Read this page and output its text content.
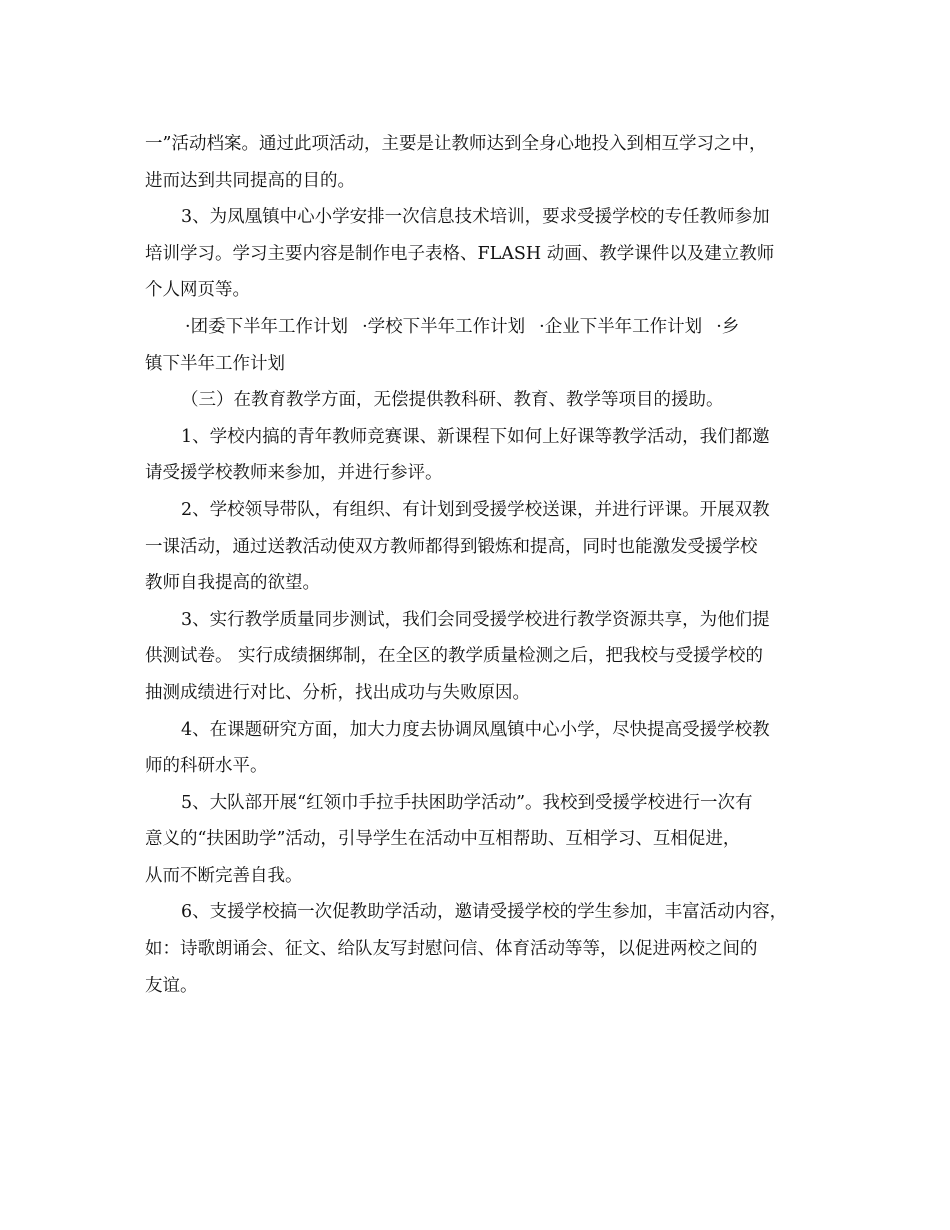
一”活动档案。通过此项活动，主要是让教师达到全身心地投入到相互学习之中，
进而达到共同提高的目的。

3、为凤凰镇中心小学安排一次信息技术培训，要求受援学校的专任教师参加
培训学习。学习主要内容是制作电子表格、FLASH 动画、教学课件以及建立教师
个人网页等。

·团委下半年工作计划 ·学校下半年工作计划 ·企业下半年工作计划 ·乡
镇下半年工作计划

（三）在教育教学方面，无偿提供教科研、教育、教学等项目的援助。

1、学校内搞的青年教师竞赛课、新课程下如何上好课等教学活动，我们都邀
请受援学校教师来参加，并进行参评。

2、学校领导带队，有组织、有计划到受援学校送课，并进行评课。开展双教
一课活动，通过送教活动使双方教师都得到锻炼和提高，同时也能激发受援学校
教师自我提高的欲望。

3、实行教学质量同步测试，我们会同受援学校进行教学资源共享，为他们提
供测试卷。 实行成绩捆绑制，在全区的教学质量检测之后，把我校与受援学校的
抽测成绩进行对比、分析，找出成功与失败原因。

4、在课题研究方面，加大力度去协调凤凰镇中心小学，尽快提高受援学校教
师的科研水平。

5、大队部开展“红领巾手拉手扶困助学活动”。我校到受援学校进行一次有
意义的“扶困助学”活动，引导学生在活动中互相帮助、互相学习、互相促进，
从而不断完善自我。

6、支援学校搞一次促教助学活动，邀请受援学校的学生参加，丰富活动内容，
如：诗歌朗诵会、征文、给队友写封慰问信、体育活动等等，以促进两校之间的
友谊。
